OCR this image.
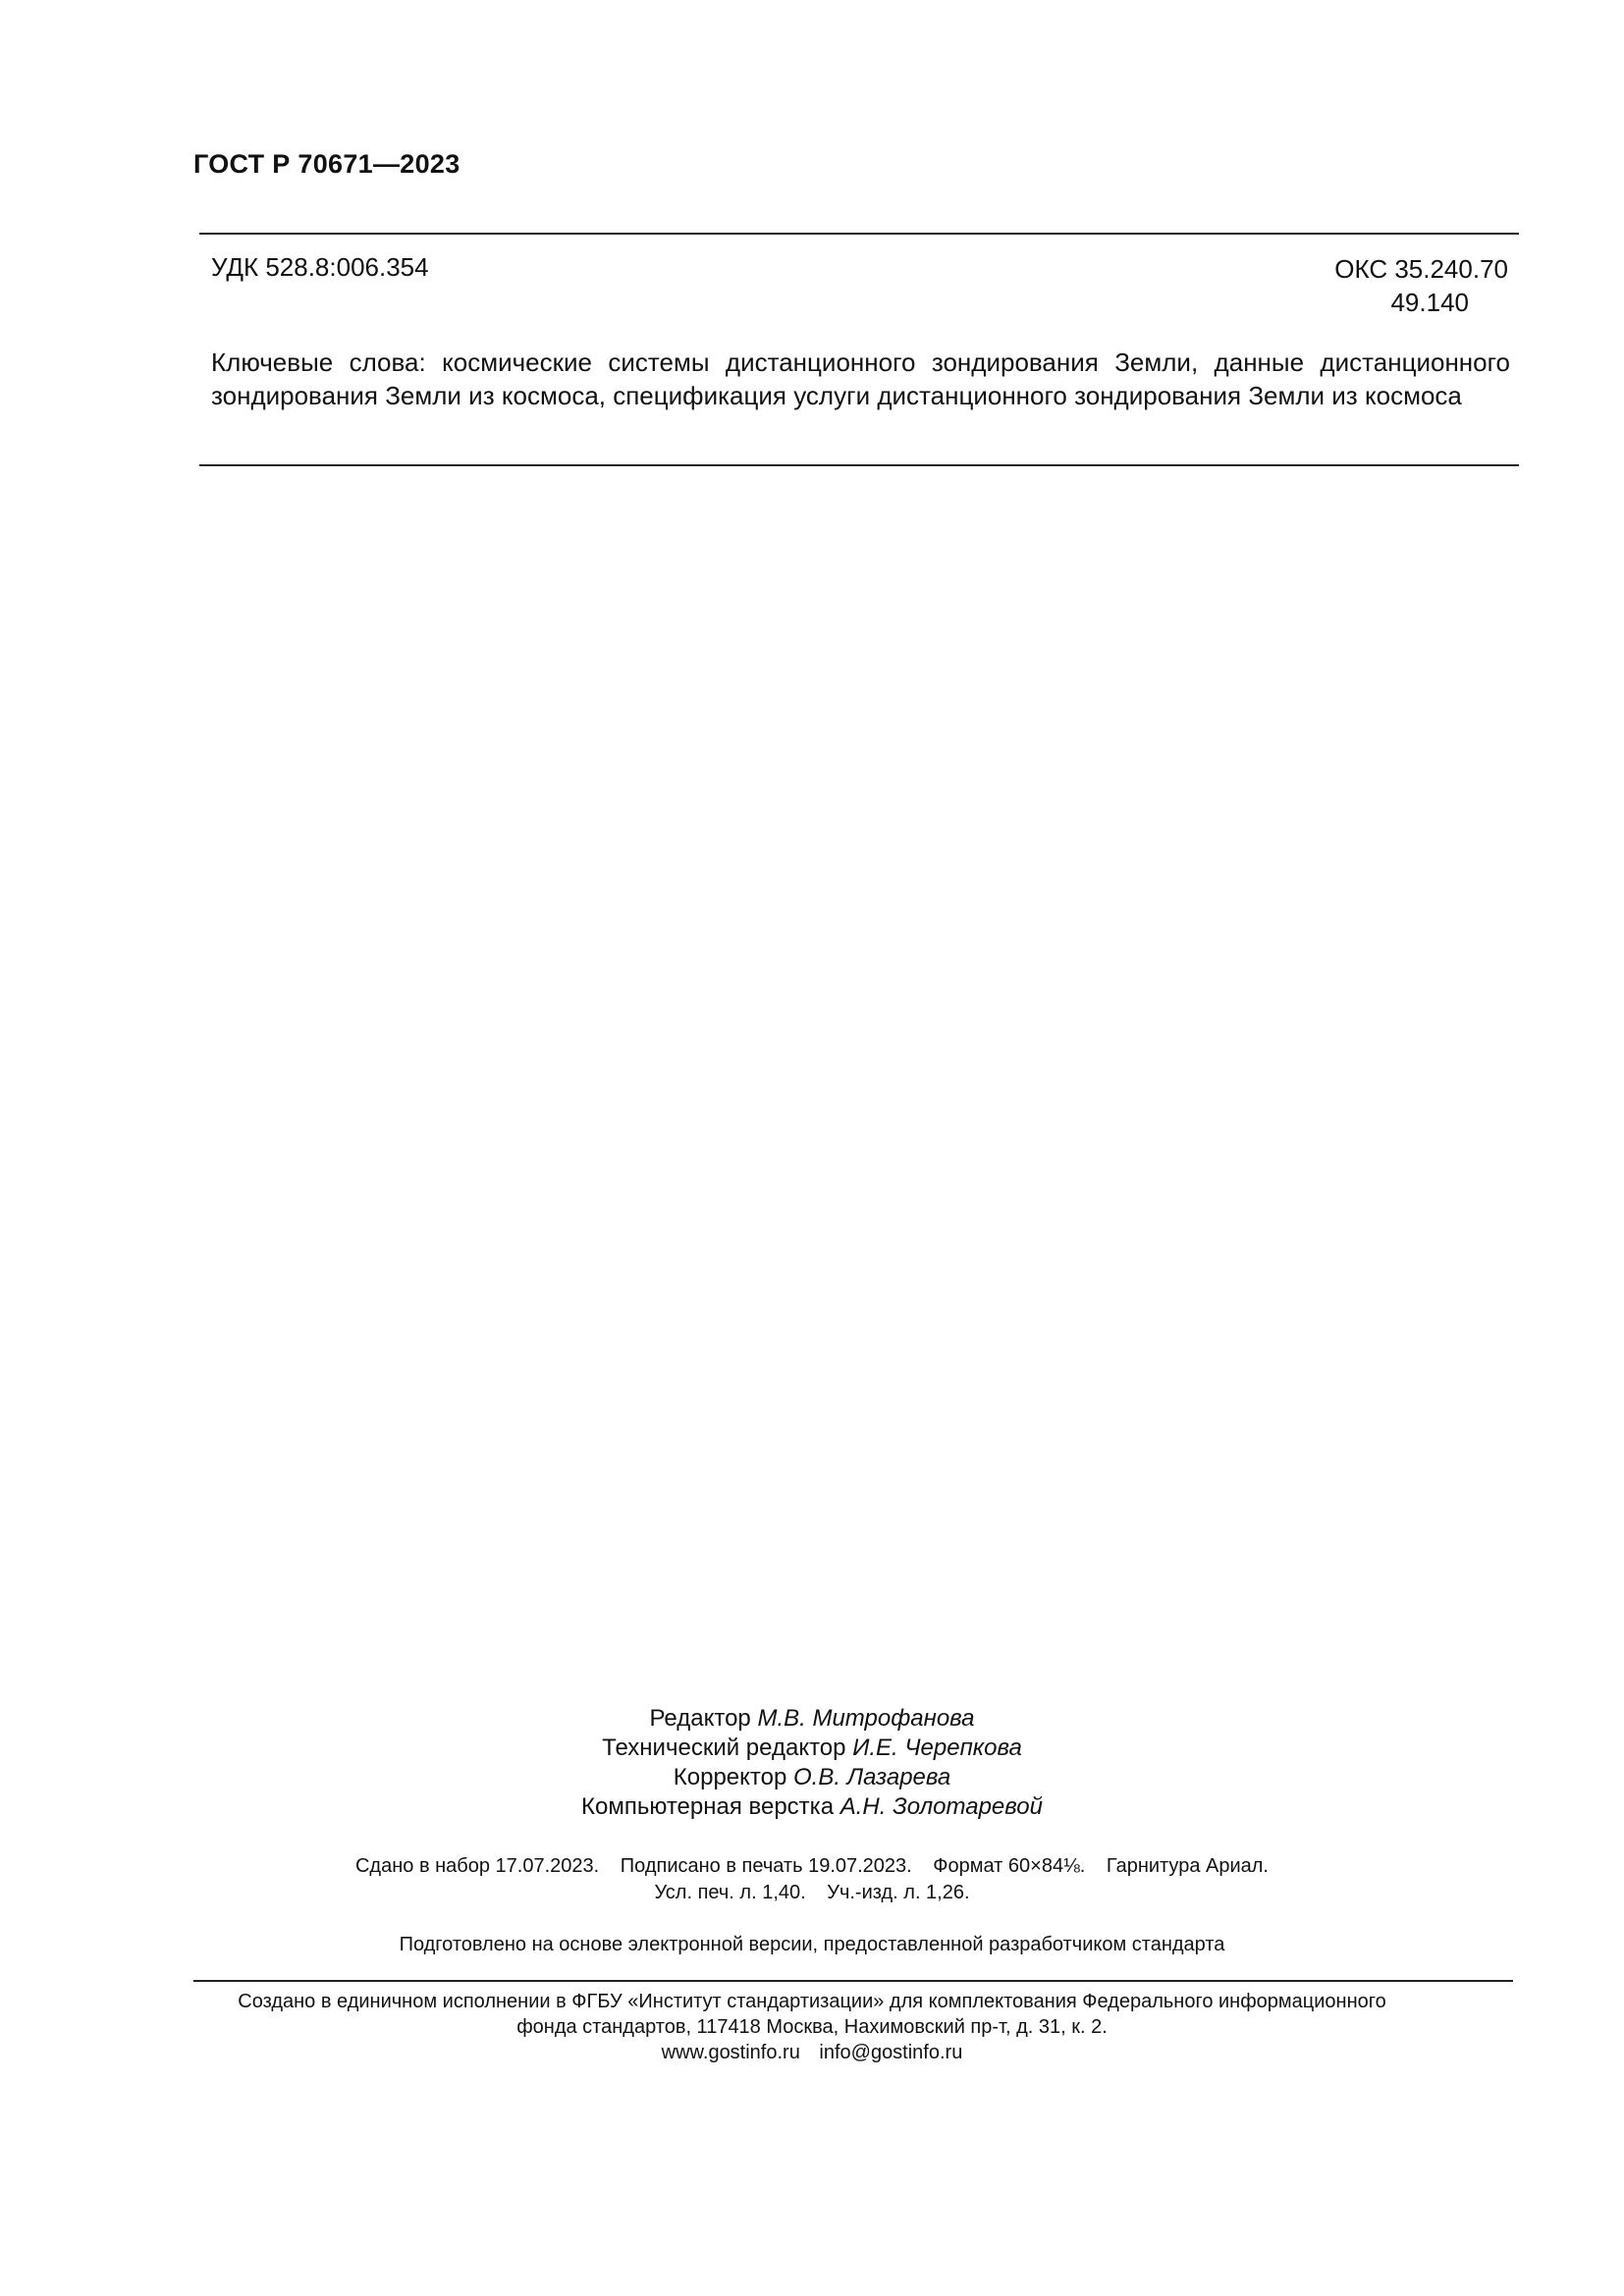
ГОСТ Р 70671—2023
УДК 528.8:006.354	ОКС 35.240.70
49.140
Ключевые слова: космические системы дистанционного зондирования Земли, данные дистанционного зондирования Земли из космоса, спецификация услуги дистанционного зондирования Земли из космоса
Редактор М.В. Митрофанова
Технический редактор И.Е. Черепкова
Корректор О.В. Лазарева
Компьютерная верстка А.Н. Золотаревой
Сдано в набор 17.07.2023. Подписано в печать 19.07.2023. Формат 60×84⅛. Гарнитура Ариал.
Усл. печ. л. 1,40. Уч.-изд. л. 1,26.
Подготовлено на основе электронной версии, предоставленной разработчиком стандарта
Создано в единичном исполнении в ФГБУ «Институт стандартизации» для комплектования Федерального информационного
фонда стандартов, 117418 Москва, Нахимовский пр-т, д. 31, к. 2.
www.gostinfo.ru info@gostinfo.ru
